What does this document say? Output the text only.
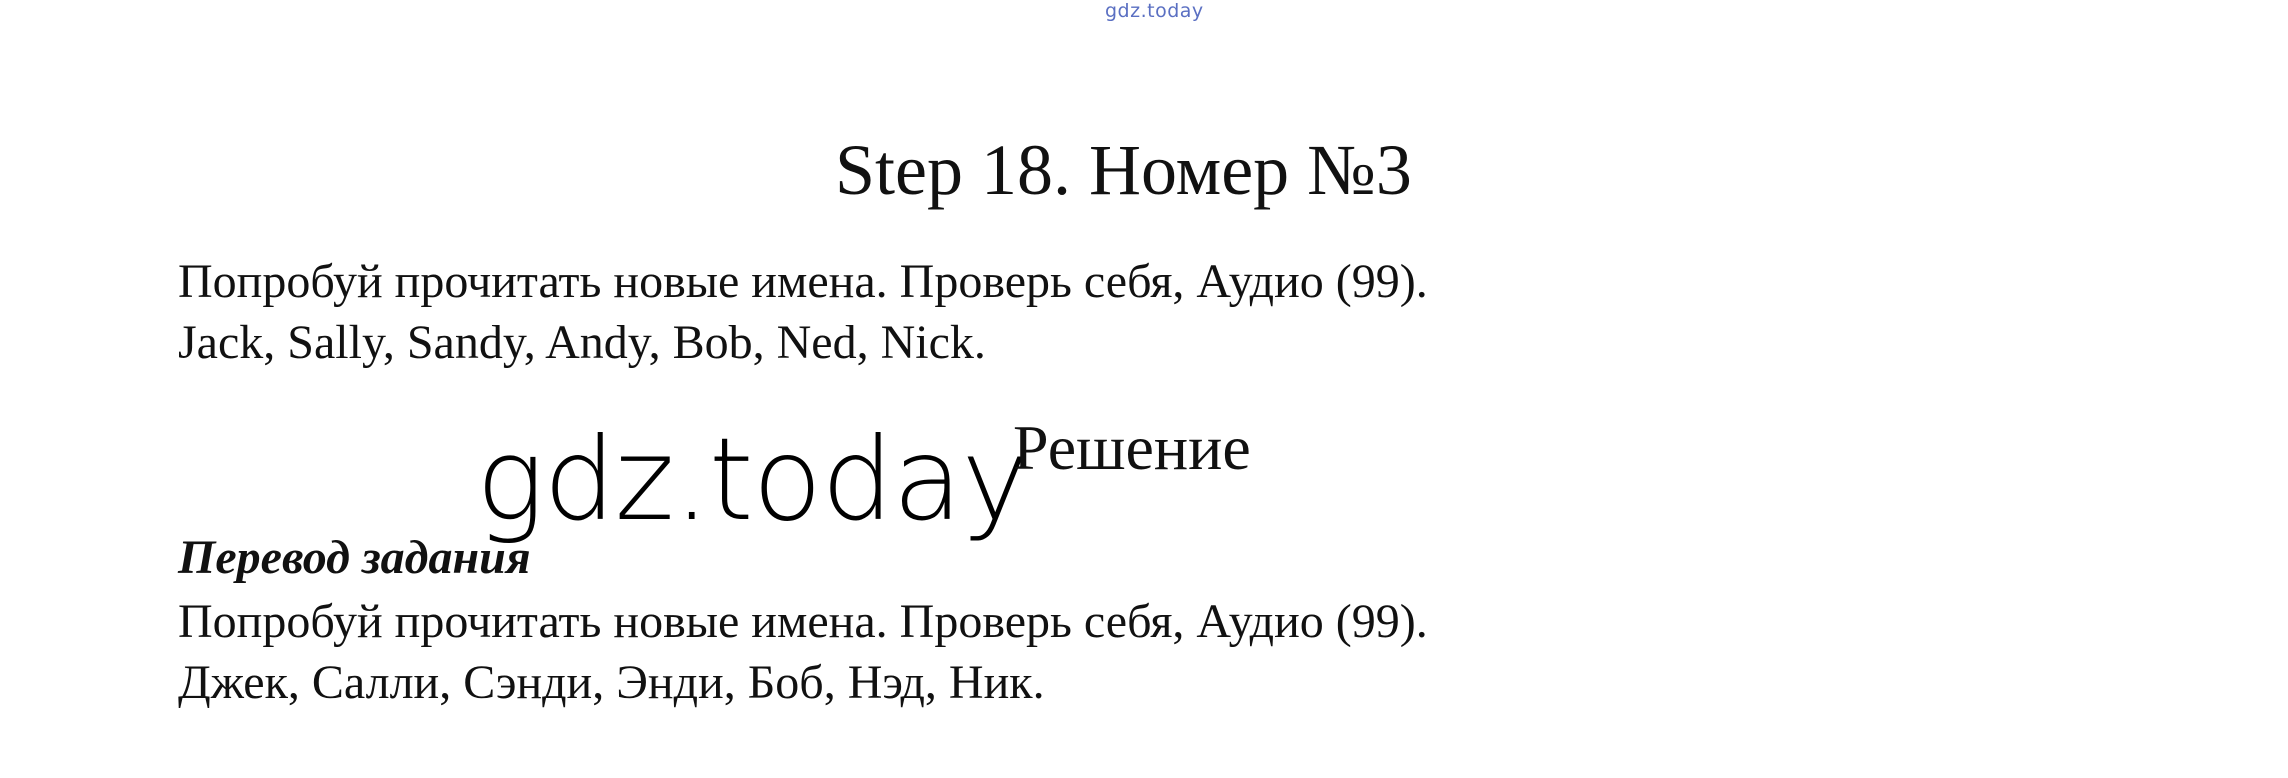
gdz.today
Step 18. Номер №3
Попробуй прочитать новые имена. Проверь себя, Аудио (99).
Jack, Sally, Sandy, Andy, Bob, Ned, Nick.
gdz.today
Решение
Перевод задания
Попробуй прочитать новые имена. Проверь себя, Аудио (99).
Джек, Салли, Сэнди, Энди, Боб, Нэд, Ник.
